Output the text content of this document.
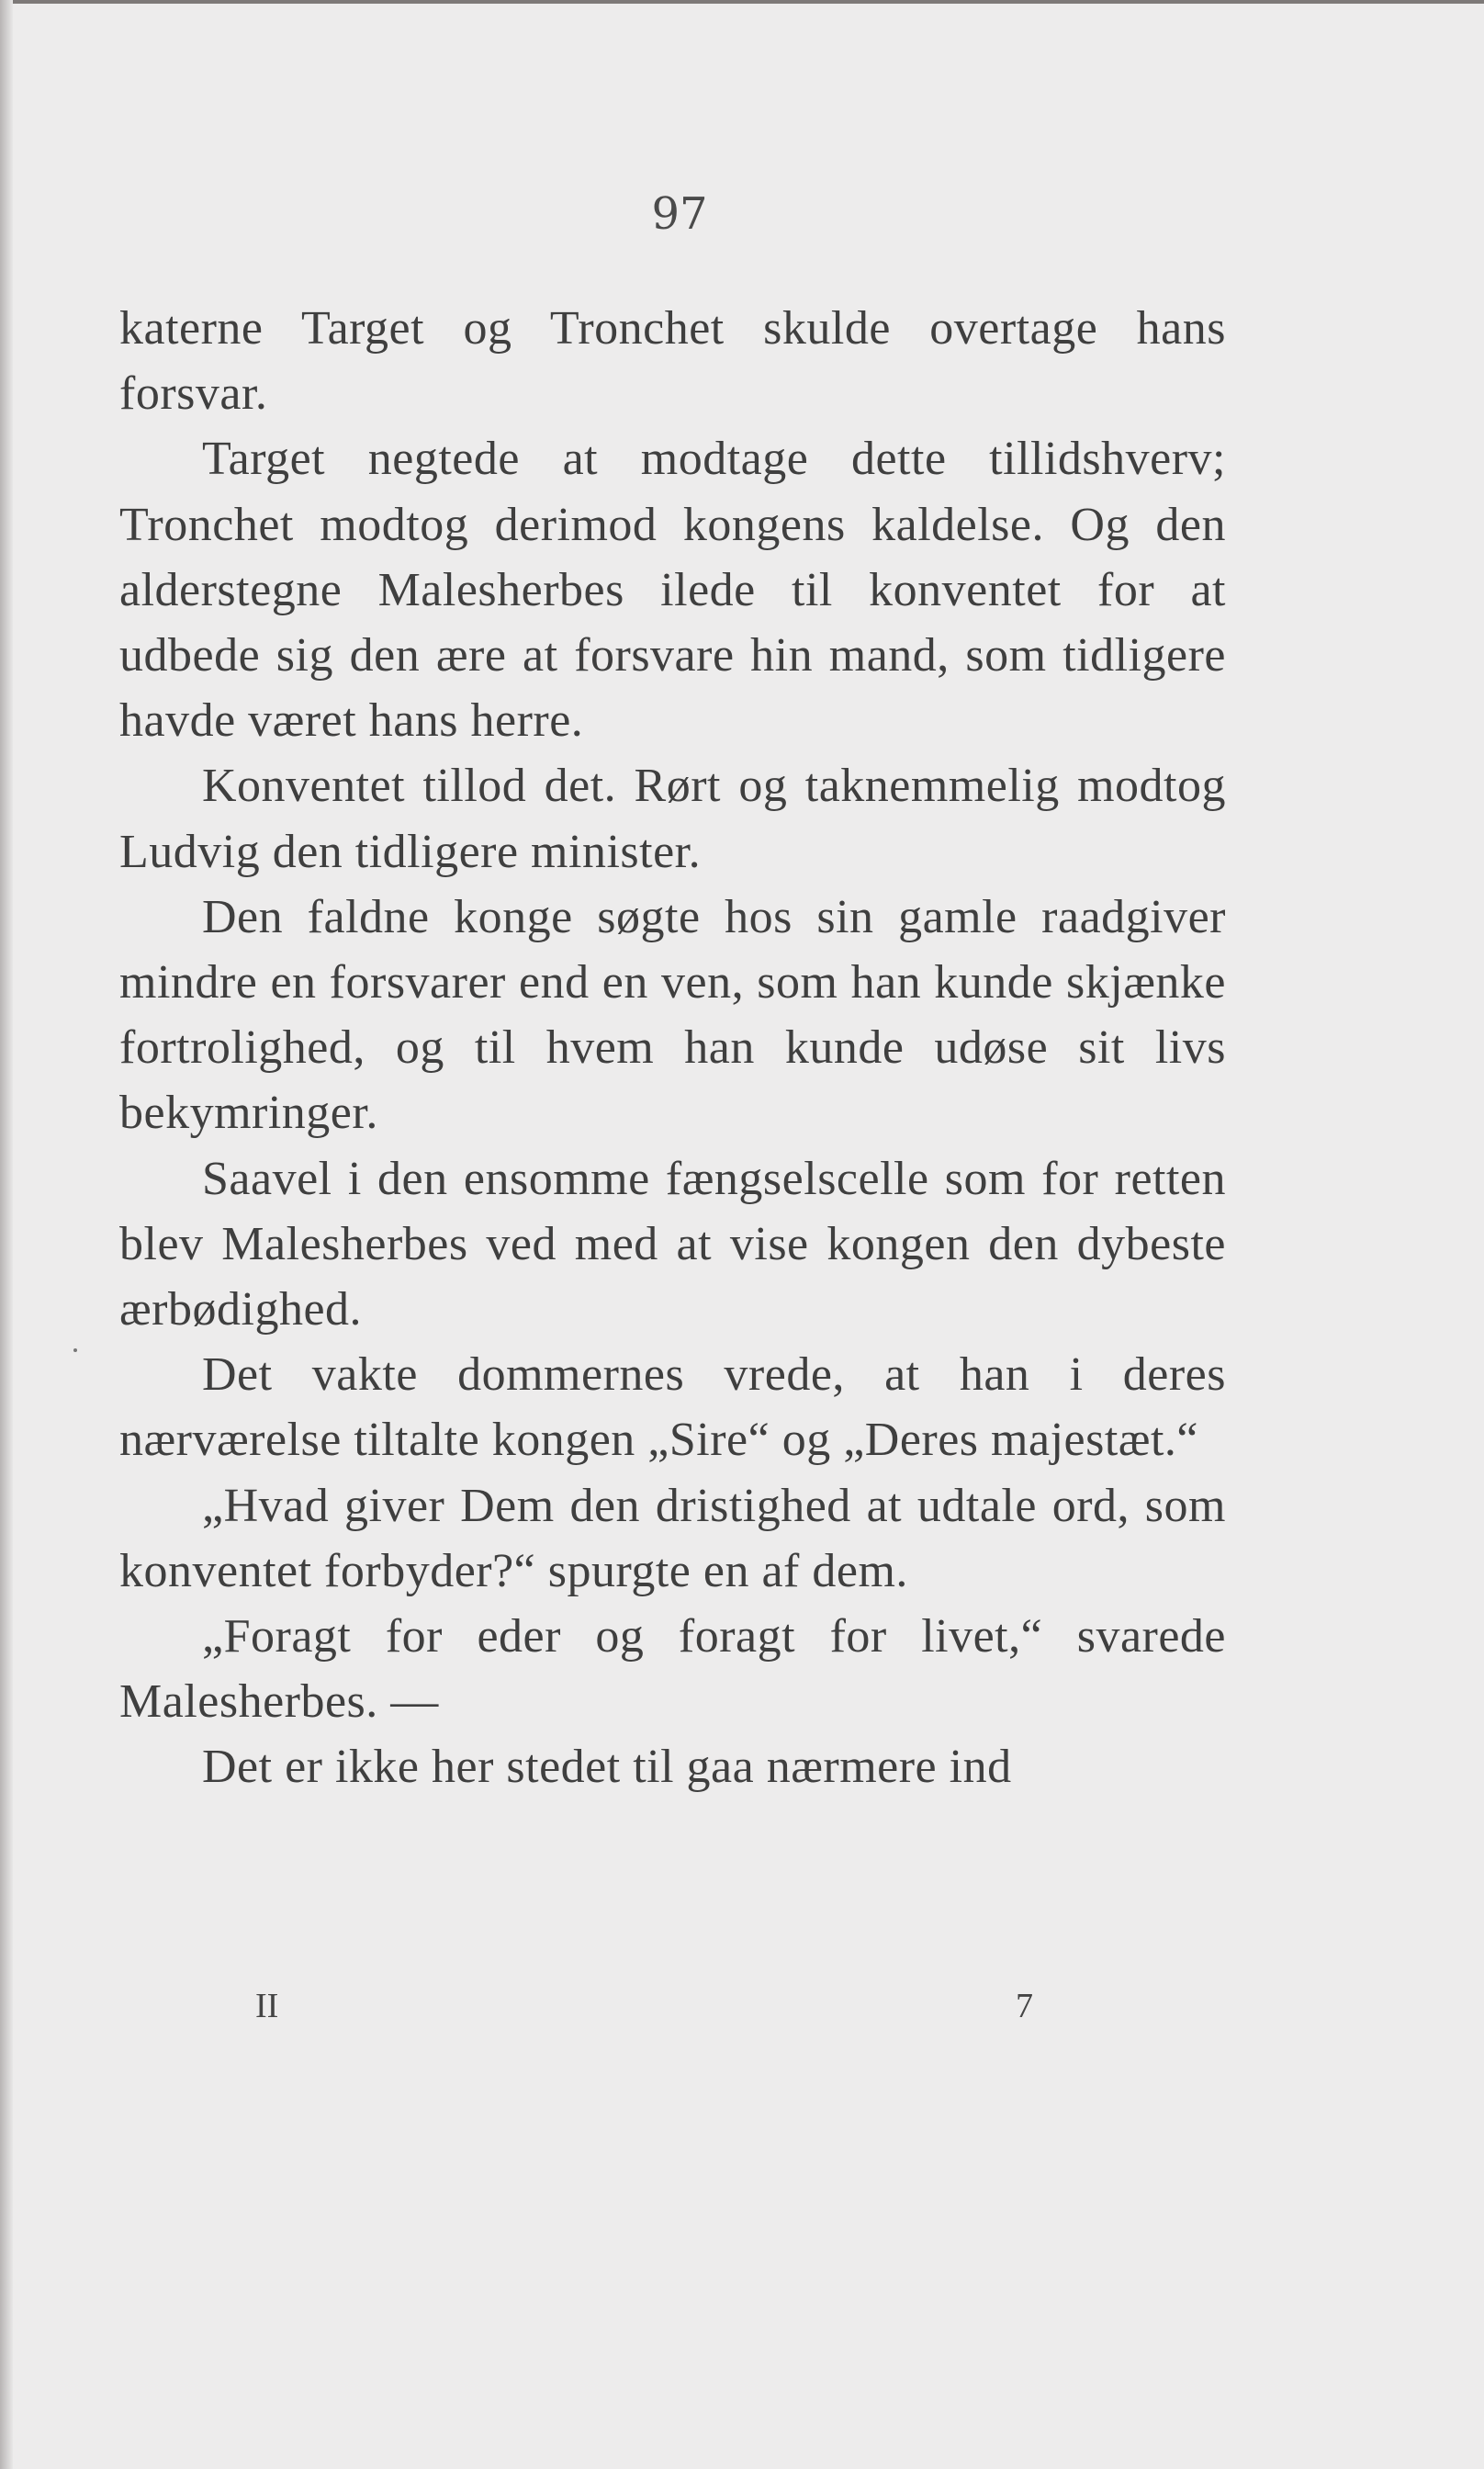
97

katerne Target og Tronchet skulde overtage hans forsvar.

Target negtede at modtage dette tillidshverv; Tronchet modtog derimod kongens kaldelse. Og den alderstegne Malesherbes ilede til konventet for at udbede sig den ære at forsvare hin mand, som tidligere havde været hans herre.

Konventet tillod det. Rørt og taknemmelig modtog Ludvig den tidligere minister.

Den faldne konge søgte hos sin gamle raadgiver mindre en forsvarer end en ven, som han kunde skjænke fortrolighed, og til hvem han kunde udøse sit livs bekymringer.

Saavel i den ensomme fængselscelle som for retten blev Malesherbes ved med at vise kongen den dybeste ærbødighed.

Det vakte dommernes vrede, at han i deres nærværelse tiltalte kongen „Sire“ og „Deres majestæt.“

„Hvad giver Dem den dristighed at udtale ord, som konventet forbyder?“ spurgte en af dem.

„Foragt for eder og foragt for livet,“ svarede Malesherbes. —

Det er ikke her stedet til gaa nærmere ind

II	7
